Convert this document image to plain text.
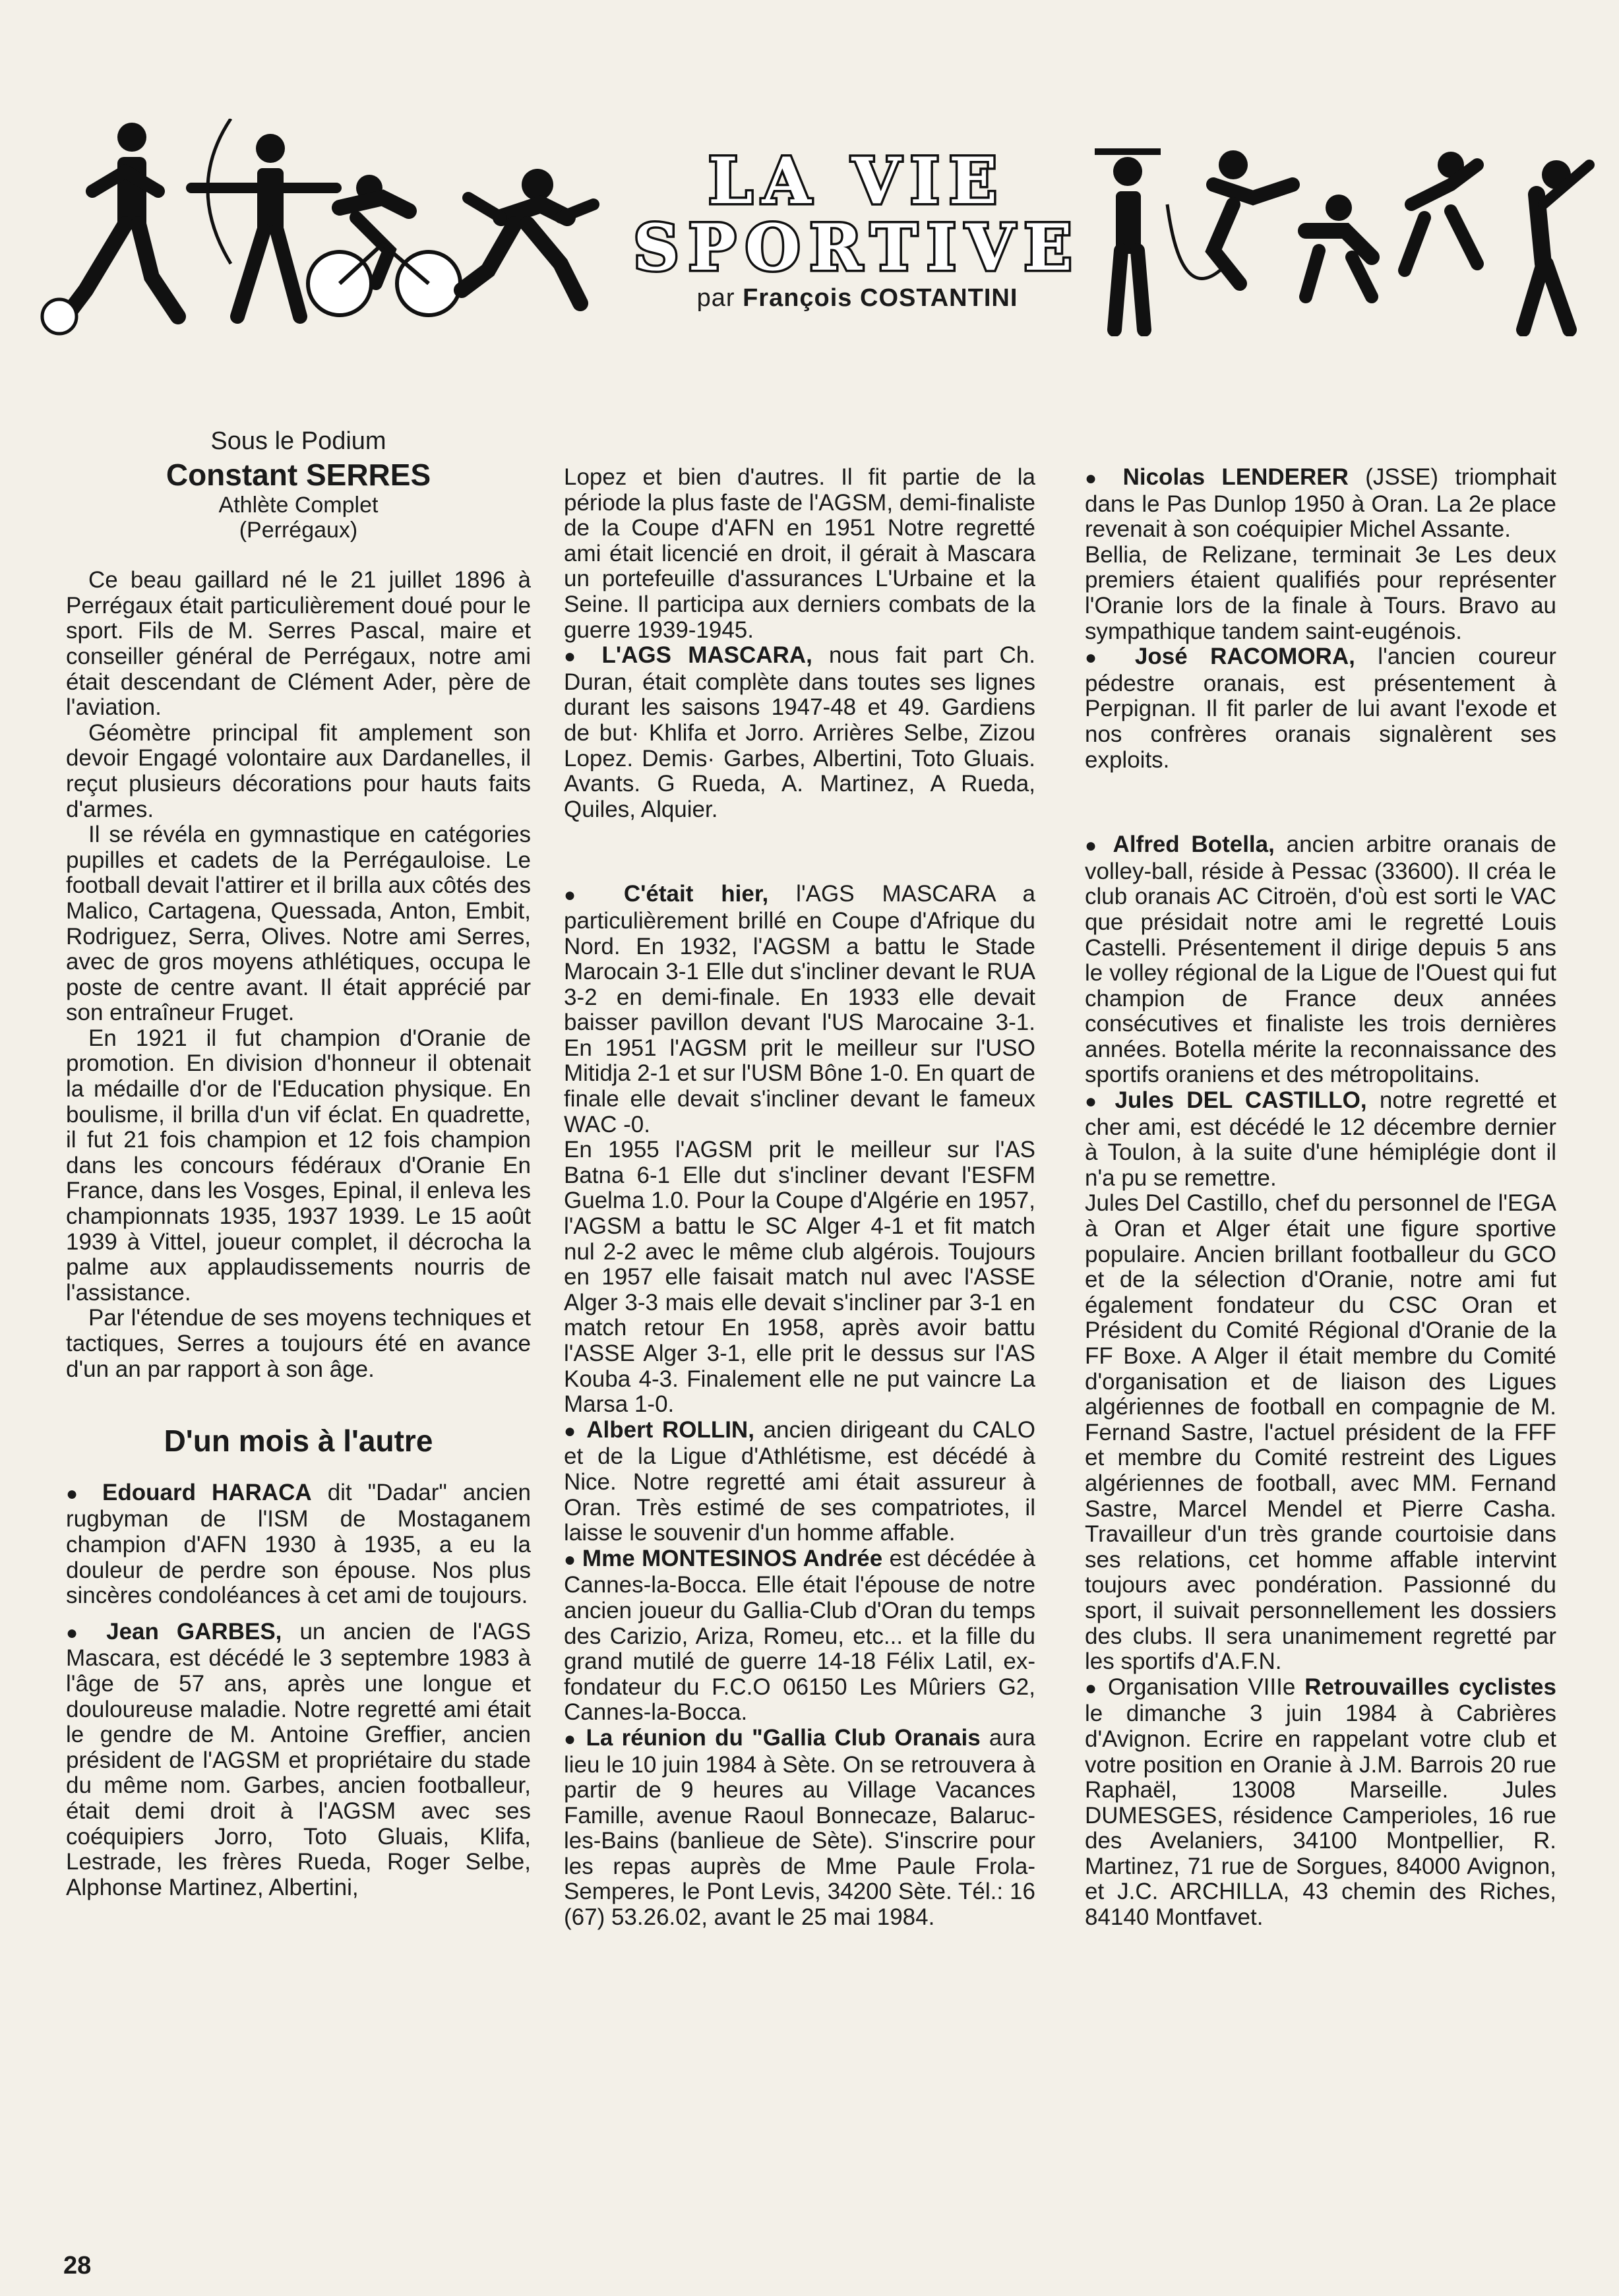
LA VIE
SPORTIVE
par François COSTANTINI
Sous le Podium
Constant SERRES
Athlète Complet
(Perrégaux)

Ce beau gaillard né le 21 juillet 1896 à Perrégaux était particulièrement doué pour le sport. Fils de M. Serres Pascal, maire et conseiller général de Perrégaux, notre ami était descendant de Clément Ader, père de l'aviation.

Géomètre principal fit amplement son devoir Engagé volontaire aux Dardanelles, il reçut plusieurs décorations pour hauts faits d'armes.

Il se révéla en gymnastique en catégories pupilles et cadets de la Perrégauloise. Le football devait l'attirer et il brilla aux côtés des Malico, Cartagena, Quessada, Anton, Embit, Rodriguez, Serra, Olives. Notre ami Serres, avec de gros moyens athlétiques, occupa le poste de centre avant. Il était apprécié par son entraîneur Fruget.

En 1921 il fut champion d'Oranie de promotion. En division d'honneur il obtenait la médaille d'or de l'Education physique. En boulisme, il brilla d'un vif éclat. En quadrette, il fut 21 fois champion et 12 fois champion dans les concours fédéraux d'Oranie En France, dans les Vosges, Epinal, il enleva les championnats 1935, 1937 1939. Le 15 août 1939 à Vittel, joueur complet, il décrocha la palme aux applaudissements nourris de l'assistance.

Par l'étendue de ses moyens techniques et tactiques, Serres a toujours été en avance d'un an par rapport à son âge.

D'un mois à l'autre

● Edouard HARACA dit "Dadar" ancien rugbyman de l'ISM de Mostaganem champion d'AFN 1930 à 1935, a eu la douleur de perdre son épouse. Nos plus sincères condoléances à cet ami de toujours.

● Jean GARBES, un ancien de l'AGS Mascara, est décédé le 3 septembre 1983 à l'âge de 57 ans, après une longue et douloureuse maladie. Notre regretté ami était le gendre de M. Antoine Greffier, ancien président de l'AGSM et propriétaire du stade du même nom. Garbes, ancien footballeur, était demi droit à l'AGSM avec ses coéquipiers Jorro, Toto Gluais, Klifa, Lestrade, les frères Rueda, Roger Selbe, Alphonse Martinez, Albertini,

Lopez et bien d'autres. Il fit partie de la période la plus faste de l'AGSM, demi-finaliste de la Coupe d'AFN en 1951 Notre regretté ami était licencié en droit, il gérait à Mascara un portefeuille d'assurances L'Urbaine et la Seine. Il participa aux derniers combats de la guerre 1939-1945.

● L'AGS MASCARA, nous fait part Ch. Duran, était complète dans toutes ses lignes durant les saisons 1947-48 et 49. Gardiens de but· Khlifa et Jorro. Arrières Selbe, Zizou Lopez. Demis· Garbes, Albertini, Toto Gluais. Avants. G Rueda, A. Martinez, A Rueda, Quiles, Alquier.

● C'était hier, l'AGS MASCARA a particulièrement brillé en Coupe d'Afrique du Nord. En 1932, l'AGSM a battu le Stade Marocain 3-1 Elle dut s'incliner devant le RUA 3-2 en demi-finale. En 1933 elle devait baisser pavillon devant l'US Marocaine 3-1. En 1951 l'AGSM prit le meilleur sur l'USO Mitidja 2-1 et sur l'USM Bône 1-0. En quart de finale elle devait s'incliner devant le fameux WAC -0.

En 1955 l'AGSM prit le meilleur sur l'AS Batna 6-1 Elle dut s'incliner devant l'ESFM Guelma 1.0. Pour la Coupe d'Algérie en 1957, l'AGSM a battu le SC Alger 4-1 et fit match nul 2-2 avec le même club algérois. Toujours en 1957 elle faisait match nul avec l'ASSE Alger 3-3 mais elle devait s'incliner par 3-1 en match retour En 1958, après avoir battu l'ASSE Alger 3-1, elle prit le dessus sur l'AS Kouba 4-3. Finalement elle ne put vaincre La Marsa 1-0.

● Albert ROLLIN, ancien dirigeant du CALO et de la Ligue d'Athlétisme, est décédé à Nice. Notre regretté ami était assureur à Oran. Très estimé de ses compatriotes, il laisse le souvenir d'un homme affable.

● Mme MONTESINOS Andrée est décédée à Cannes-la-Bocca. Elle était l'épouse de notre ancien joueur du Gallia-Club d'Oran du temps des Carizio, Ariza, Romeu, etc... et la fille du grand mutilé de guerre 14-18 Félix Latil, ex-fondateur du F.C.O 06150 Les Mûriers G2, Cannes-la-Bocca.

● La réunion du "Gallia Club Oranais aura lieu le 10 juin 1984 à Sète. On se retrouvera à partir de 9 heures au Village Vacances Famille, avenue Raoul Bonnecaze, Balaruc-les-Bains (banlieue de Sète). S'inscrire pour les repas auprès de Mme Paule Frola-Semperes, le Pont Levis, 34200 Sète. Tél.: 16 (67) 53.26.02, avant le 25 mai 1984.

● Nicolas LENDERER (JSSE) triomphait dans le Pas Dunlop 1950 à Oran. La 2e place revenait à son coéquipier Michel Assante.

Bellia, de Relizane, terminait 3e Les deux premiers étaient qualifiés pour représenter l'Oranie lors de la finale à Tours. Bravo au sympathique tandem saint-eugénois.

● José RACOMORA, l'ancien coureur pédestre oranais, est présentement à Perpignan. Il fit parler de lui avant l'exode et nos confrères oranais signalèrent ses exploits.

● Alfred Botella, ancien arbitre oranais de volley-ball, réside à Pessac (33600). Il créa le club oranais AC Citroën, d'où est sorti le VAC que présidait notre ami le regretté Louis Castelli. Présentement il dirige depuis 5 ans le volley régional de la Ligue de l'Ouest qui fut champion de France deux années consécutives et finaliste les trois dernières années. Botella mérite la reconnaissance des sportifs oraniens et des métropolitains.

● Jules DEL CASTILLO, notre regretté et cher ami, est décédé le 12 décembre dernier à Toulon, à la suite d'une hémiplégie dont il n'a pu se remettre.

Jules Del Castillo, chef du personnel de l'EGA à Oran et Alger était une figure sportive populaire. Ancien brillant footballeur du GCO et de la sélection d'Oranie, notre ami fut également fondateur du CSC Oran et Président du Comité Régional d'Oranie de la FF Boxe. A Alger il était membre du Comité d'organisation et de liaison des Ligues algériennes de football en compagnie de M. Fernand Sastre, l'actuel président de la FFF et membre du Comité restreint des Ligues algériennes de football, avec MM. Fernand Sastre, Marcel Mendel et Pierre Casha. Travailleur d'un très grande courtoisie dans ses relations, cet homme affable intervint toujours avec pondération. Passionné du sport, il suivait personnellement les dossiers des clubs. Il sera unanimement regretté par les sportifs d'A.F.N.

● Organisation VIIIe Retrouvailles cyclistes le dimanche 3 juin 1984 à Cabrières d'Avignon. Ecrire en rappelant votre club et votre position en Oranie à J.M. Barrois 20 rue Raphaël, 13008 Marseille. Jules DUMESGES, résidence Camperioles, 16 rue des Avelaniers, 34100 Montpellier, R. Martinez, 71 rue de Sorgues, 84000 Avignon, et J.C. ARCHILLA, 43 chemin des Riches, 84140 Montfavet.

28
